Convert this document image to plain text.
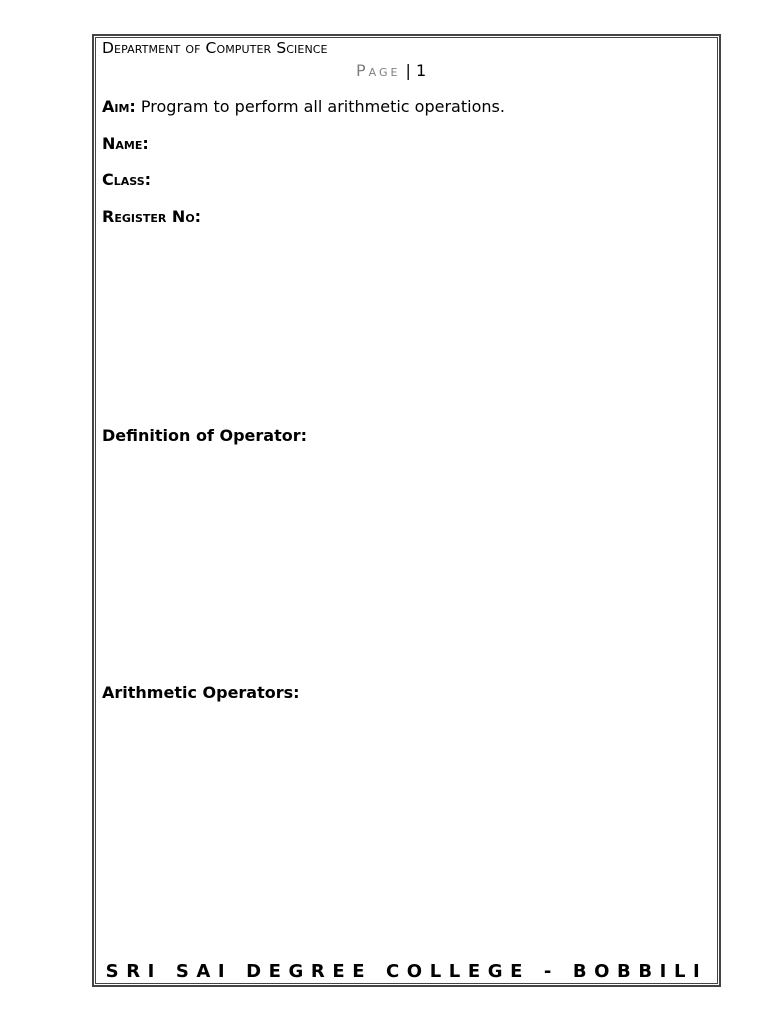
Department of Computer Science
Page | 1
Aim: Program to perform all arithmetic operations.
Name:
Class:
Register No:
Definition of Operator:
Arithmetic Operators:
SRI SAI DEGREE COLLEGE - BOBBILI
